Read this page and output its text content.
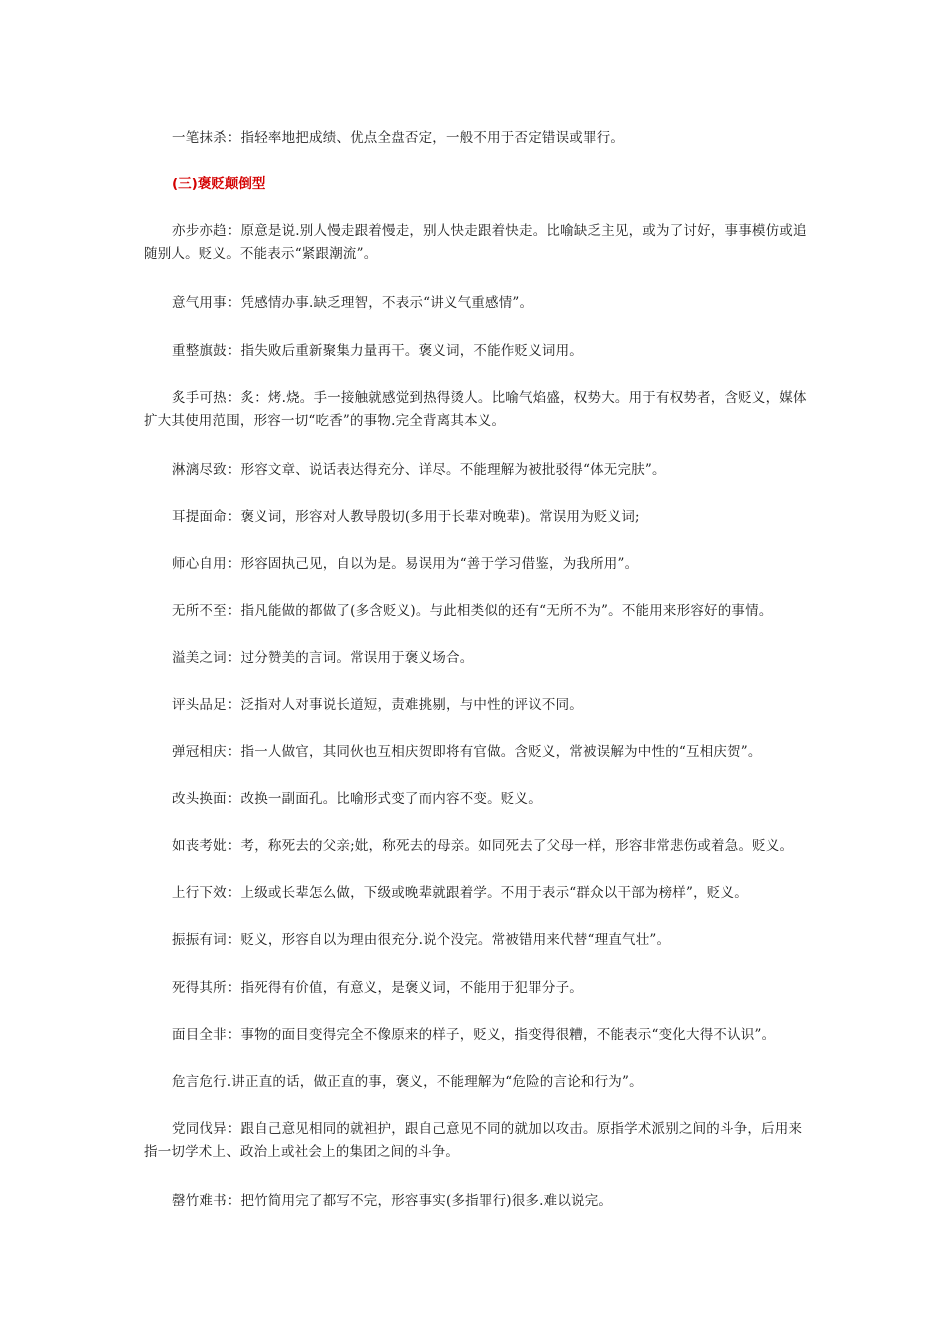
一笔抹杀：指轻率地把成绩、优点全盘否定，一般不用于否定错误或罪行。

(三)褒贬颠倒型

亦步亦趋：原意是说.别人慢走跟着慢走，别人快走跟着快走。比喻缺乏主见，或为了讨好，事事模仿或追随别人。贬义。不能表示“紧跟潮流”。

意气用事：凭感情办事.缺乏理智，不表示“讲义气重感情”。

重整旗鼓：指失败后重新聚集力量再干。褒义词，不能作贬义词用。

炙手可热：炙：烤.烧。手一接触就感觉到热得烫人。比喻气焰盛，权势大。用于有权势者，含贬义，媒体扩大其使用范围，形容一切“吃香”的事物.完全背离其本义。

淋漓尽致：形容文章、说话表达得充分、详尽。不能理解为被批驳得“体无完肤”。

耳提面命：褒义词，形容对人教导殷切(多用于长辈对晚辈)。常误用为贬义词;

师心自用：形容固执己见，自以为是。易误用为“善于学习借鉴，为我所用”。

无所不至：指凡能做的都做了(多含贬义)。与此相类似的还有“无所不为”。不能用来形容好的事情。

溢美之词：过分赞美的言词。常误用于褒义场合。

评头品足：泛指对人对事说长道短，责难挑剔，与中性的评议不同。

弹冠相庆：指一人做官，其同伙也互相庆贺即将有官做。含贬义，常被误解为中性的“互相庆贺”。

改头换面：改换一副面孔。比喻形式变了而内容不变。贬义。

如丧考妣：考，称死去的父亲;妣，称死去的母亲。如同死去了父母一样，形容非常悲伤或着急。贬义。

上行下效：上级或长辈怎么做，下级或晚辈就跟着学。不用于表示“群众以干部为榜样”，贬义。

振振有词：贬义，形容自以为理由很充分.说个没完。常被错用来代替“理直气壮”。

死得其所：指死得有价值，有意义，是褒义词，不能用于犯罪分子。

面目全非：事物的面目变得完全不像原来的样子，贬义，指变得很糟，不能表示“变化大得不认识”。

危言危行.讲正直的话，做正直的事，褒义，不能理解为“危险的言论和行为”。

党同伐异：跟自己意见相同的就袒护，跟自己意见不同的就加以攻击。原指学术派别之间的斗争，后用来指一切学术上、政治上或社会上的集团之间的斗争。

罄竹难书：把竹简用完了都写不完，形容事实(多指罪行)很多.难以说完。
